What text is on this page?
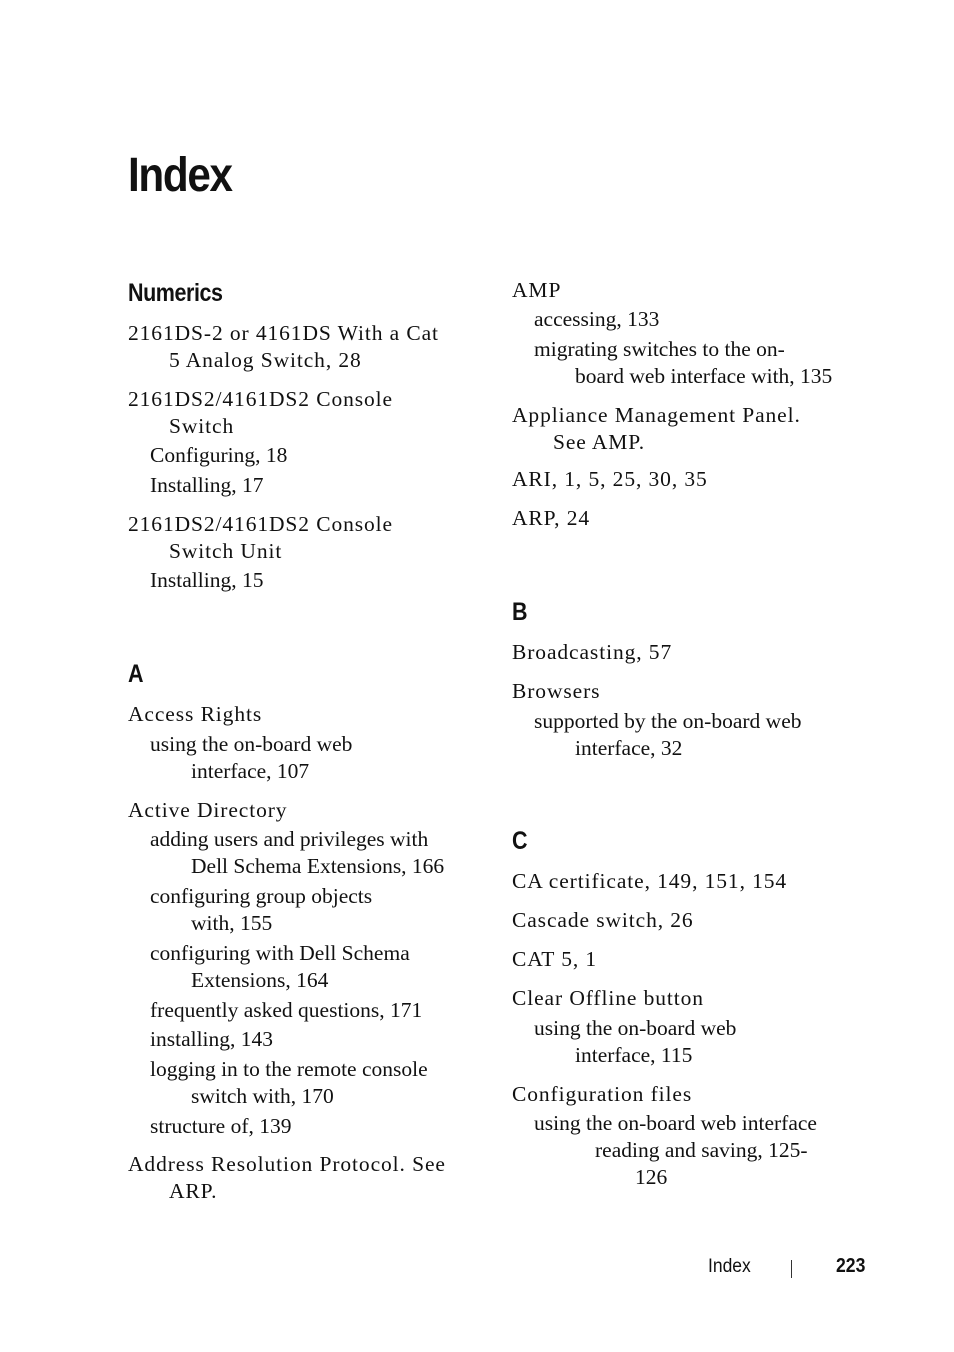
Index
Numerics
2161DS-2 or 4161DS With a Cat
5 Analog Switch, 28
2161DS2/4161DS2 Console
Switch
Configuring, 18
Installing, 17
2161DS2/4161DS2 Console
Switch Unit
Installing, 15
A
Access Rights
using the on-board web
interface, 107
Active Directory
adding users and privileges with
Dell Schema Extensions, 166
configuring group objects
with, 155
configuring with Dell Schema
Extensions, 164
frequently asked questions, 171
installing, 143
logging in to the remote console
switch with, 170
structure of, 139
Address Resolution Protocol. See
ARP.
AMP
accessing, 133
migrating switches to the on-
board web interface with, 135
Appliance Management Panel.
See AMP.
ARI, 1, 5, 25, 30, 35
ARP, 24
B
Broadcasting, 57
Browsers
supported by the on-board web
interface, 32
C
CA certificate, 149, 151, 154
Cascade switch, 26
CAT 5, 1
Clear Offline button
using the on-board web
interface, 115
Configuration files
using the on-board web interface
reading and saving, 125-
126
Index	223
